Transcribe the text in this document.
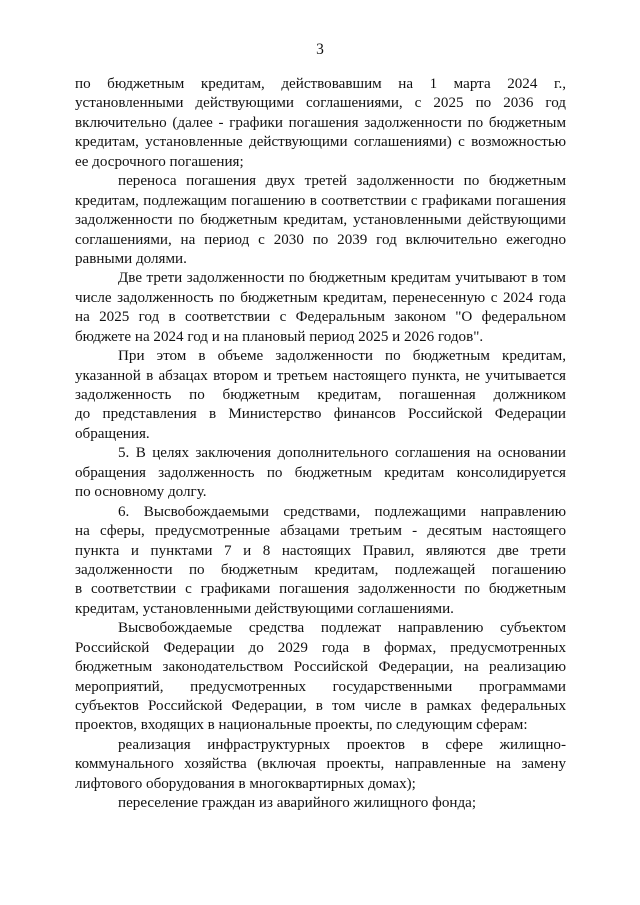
3
по бюджетным кредитам, действовавшим на 1 марта 2024 г.,
установленными действующими соглашениями, с 2025 по 2036 год
включительно (далее - графики погашения задолженности по бюджетным
кредитам, установленные действующими соглашениями) с возможностью
ее досрочного погашения;
переноса погашения двух третей задолженности по бюджетным
кредитам, подлежащим погашению в соответствии с графиками погашения
задолженности по бюджетным кредитам, установленными действующими
соглашениями, на период с 2030 по 2039 год включительно ежегодно
равными долями.
Две трети задолженности по бюджетным кредитам учитывают в том
числе задолженность по бюджетным кредитам, перенесенную с 2024 года
на 2025 год в соответствии с Федеральным законом "О федеральном
бюджете на 2024 год и на плановый период 2025 и 2026 годов".
При этом в объеме задолженности по бюджетным кредитам,
указанной в абзацах втором и третьем настоящего пункта, не учитывается
задолженность по бюджетным кредитам, погашенная должником
до представления в Министерство финансов Российской Федерации
обращения.
5. В целях заключения дополнительного соглашения на основании
обращения задолженность по бюджетным кредитам консолидируется
по основному долгу.
6. Высвобождаемыми средствами, подлежащими направлению
на сферы, предусмотренные абзацами третьим - десятым настоящего
пункта и пунктами 7 и 8 настоящих Правил, являются две трети
задолженности по бюджетным кредитам, подлежащей погашению
в соответствии с графиками погашения задолженности по бюджетным
кредитам, установленными действующими соглашениями.
Высвобождаемые средства подлежат направлению субъектом
Российской Федерации до 2029 года в формах, предусмотренных
бюджетным законодательством Российской Федерации, на реализацию
мероприятий, предусмотренных государственными программами
субъектов Российской Федерации, в том числе в рамках федеральных
проектов, входящих в национальные проекты, по следующим сферам:
реализация инфраструктурных проектов в сфере жилищно-
коммунального хозяйства (включая проекты, направленные на замену
лифтового оборудования в многоквартирных домах);
переселение граждан из аварийного жилищного фонда;
